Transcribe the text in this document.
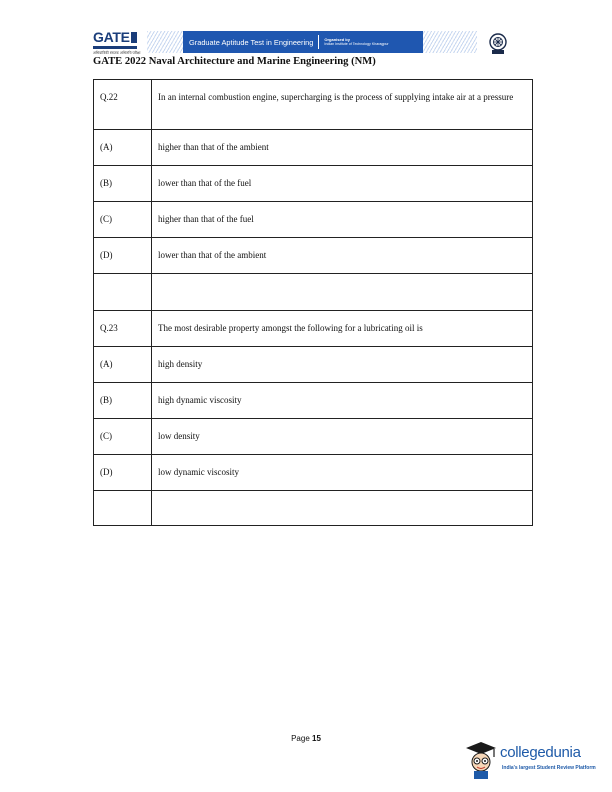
GATE
अभियांत्रिकी स्नातक अभिरुचि परीक्षा
Graduate Aptitude Test in Engineering	Organised by
Indian Institute of Technology Kharagpur
GATE 2022 Naval Architecture and Marine Engineering (NM)
Q.22	In an internal combustion engine, supercharging is the process of supplying intake air at a pressure
(A)	higher than that of the ambient
(B)	lower than that of the fuel
(C)	higher than that of the fuel
(D)	lower than that of the ambient

Q.23	The most desirable property amongst the following for a lubricating oil is
(A)	high density
(B)	high dynamic viscosity
(C)	low density
(D)	low dynamic viscosity

Page 15
collegedunia
India's largest Student Review Platform
